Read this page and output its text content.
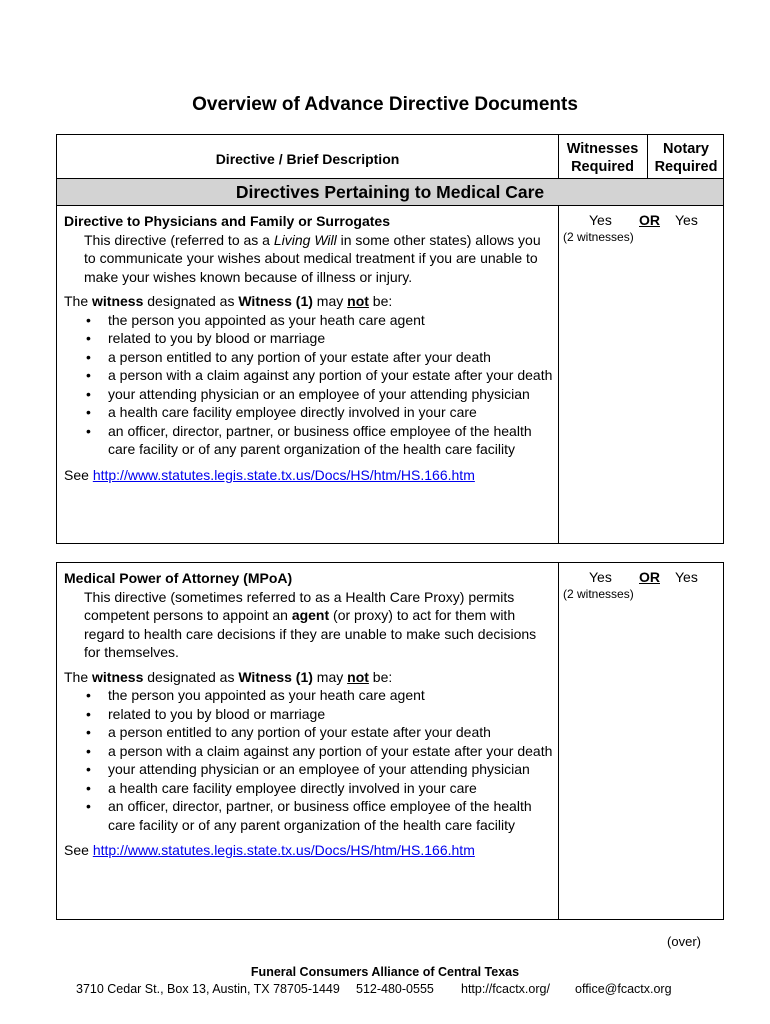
Overview of Advance Directive Documents
Directive / Brief Description
Witnesses
Required
Notary
Required
Directives Pertaining to Medical Care
Directive to Physicians and Family or Surrogates
This directive (referred to as a Living Will in some other states) allows you to communicate your wishes about medical treatment if you are unable to make your wishes known because of illness or injury.
The witness designated as Witness (1) may not be:
• the person you appointed as your heath care agent
• related to you by blood or marriage
• a person entitled to any portion of your estate after your death
• a person with a claim against any portion of your estate after your death
• your attending physician or an employee of your attending physician
• a health care facility employee directly involved in your care
• an officer, director, partner, or business office employee of the health care facility or of any parent organization of the health care facility
See http://www.statutes.legis.state.tx.us/Docs/HS/htm/HS.166.htm
Yes OR Yes
(2 witnesses)
Medical Power of Attorney (MPoA)
This directive (sometimes referred to as a Health Care Proxy) permits competent persons to appoint an agent (or proxy) to act for them with regard to health care decisions if they are unable to make such decisions for themselves.
The witness designated as Witness (1) may not be:
• the person you appointed as your heath care agent
• related to you by blood or marriage
• a person entitled to any portion of your estate after your death
• a person with a claim against any portion of your estate after your death
• your attending physician or an employee of your attending physician
• a health care facility employee directly involved in your care
• an officer, director, partner, or business office employee of the health care facility or of any parent organization of the health care facility
See http://www.statutes.legis.state.tx.us/Docs/HS/htm/HS.166.htm
Yes OR Yes
(2 witnesses)
(over)
Funeral Consumers Alliance of Central Texas
3710 Cedar St., Box 13, Austin, TX 78705-1449 512-480-0555 http://fcactx.org/ office@fcactx.org
